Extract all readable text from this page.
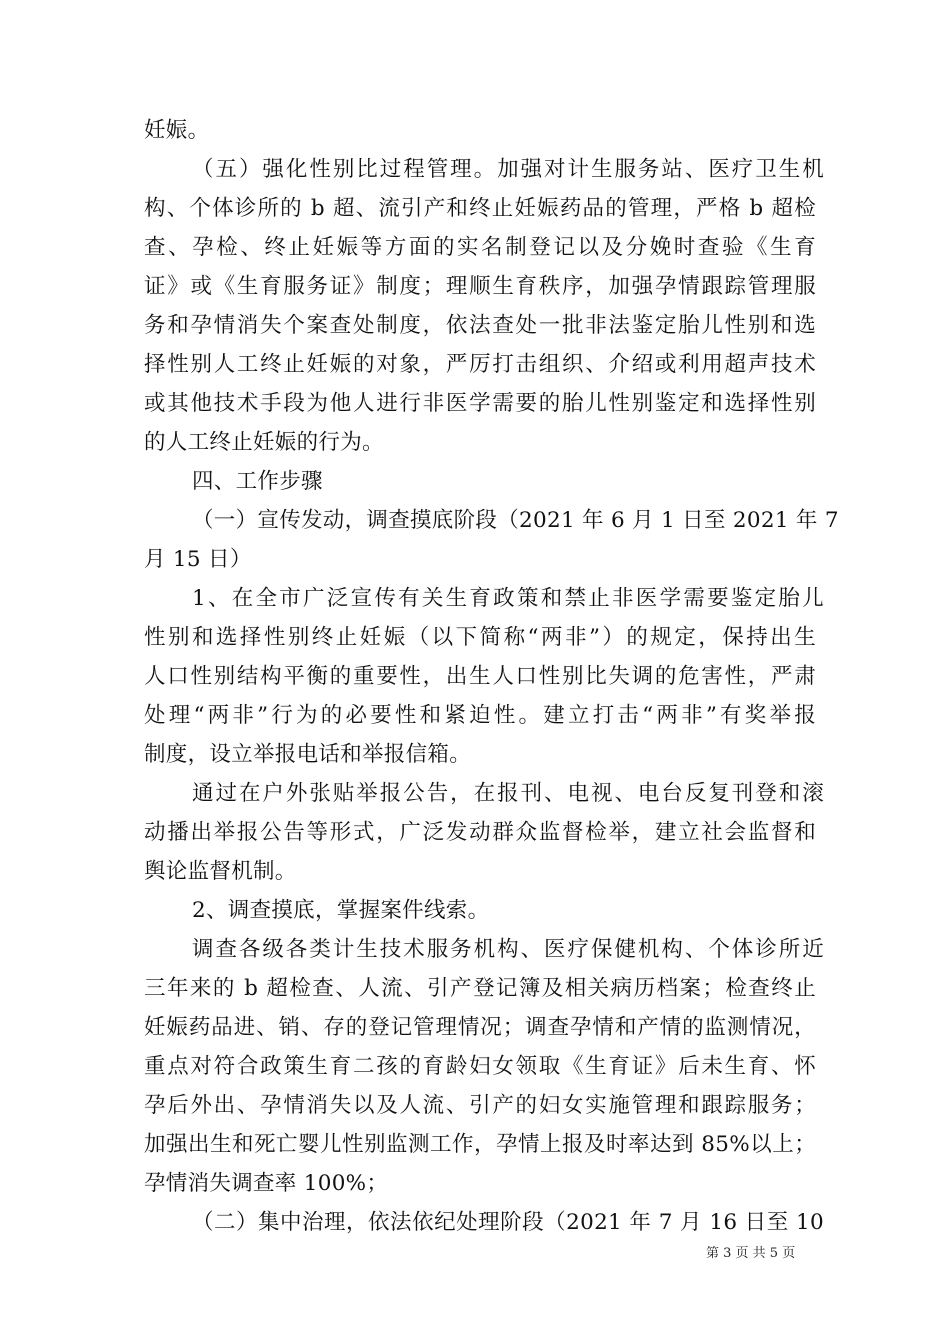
妊娠。
（五）强化性别比过程管理。加强对计生服务站、医疗卫生机
构、个体诊所的 b 超、流引产和终止妊娠药品的管理，严格 b 超检
查、孕检、终止妊娠等方面的实名制登记以及分娩时查验《生育
证》或《生育服务证》制度；理顺生育秩序，加强孕情跟踪管理服
务和孕情消失个案查处制度，依法查处一批非法鉴定胎儿性别和选
择性别人工终止妊娠的对象，严厉打击组织、介绍或利用超声技术
或其他技术手段为他人进行非医学需要的胎儿性别鉴定和选择性别
的人工终止妊娠的行为。
四、工作步骤
（一）宣传发动，调查摸底阶段（2021 年 6 月 1 日至 2021 年 7
月 15 日）
1、在全市广泛宣传有关生育政策和禁止非医学需要鉴定胎儿
性别和选择性别终止妊娠（以下简称“两非”）的规定，保持出生
人口性别结构平衡的重要性，出生人口性别比失调的危害性，严肃
处理“两非”行为的必要性和紧迫性。建立打击“两非”有奖举报
制度，设立举报电话和举报信箱。
通过在户外张贴举报公告，在报刊、电视、电台反复刊登和滚
动播出举报公告等形式，广泛发动群众监督检举，建立社会监督和
舆论监督机制。
2、调查摸底，掌握案件线索。
调查各级各类计生技术服务机构、医疗保健机构、个体诊所近
三年来的 b 超检查、人流、引产登记簿及相关病历档案；检查终止
妊娠药品进、销、存的登记管理情况；调查孕情和产情的监测情况，
重点对符合政策生育二孩的育龄妇女领取《生育证》后未生育、怀
孕后外出、孕情消失以及人流、引产的妇女实施管理和跟踪服务；
加强出生和死亡婴儿性别监测工作，孕情上报及时率达到 85%以上；
孕情消失调查率 100%；
（二）集中治理，依法依纪处理阶段（2021 年 7 月 16 日至 10
第 3 页 共 5 页
